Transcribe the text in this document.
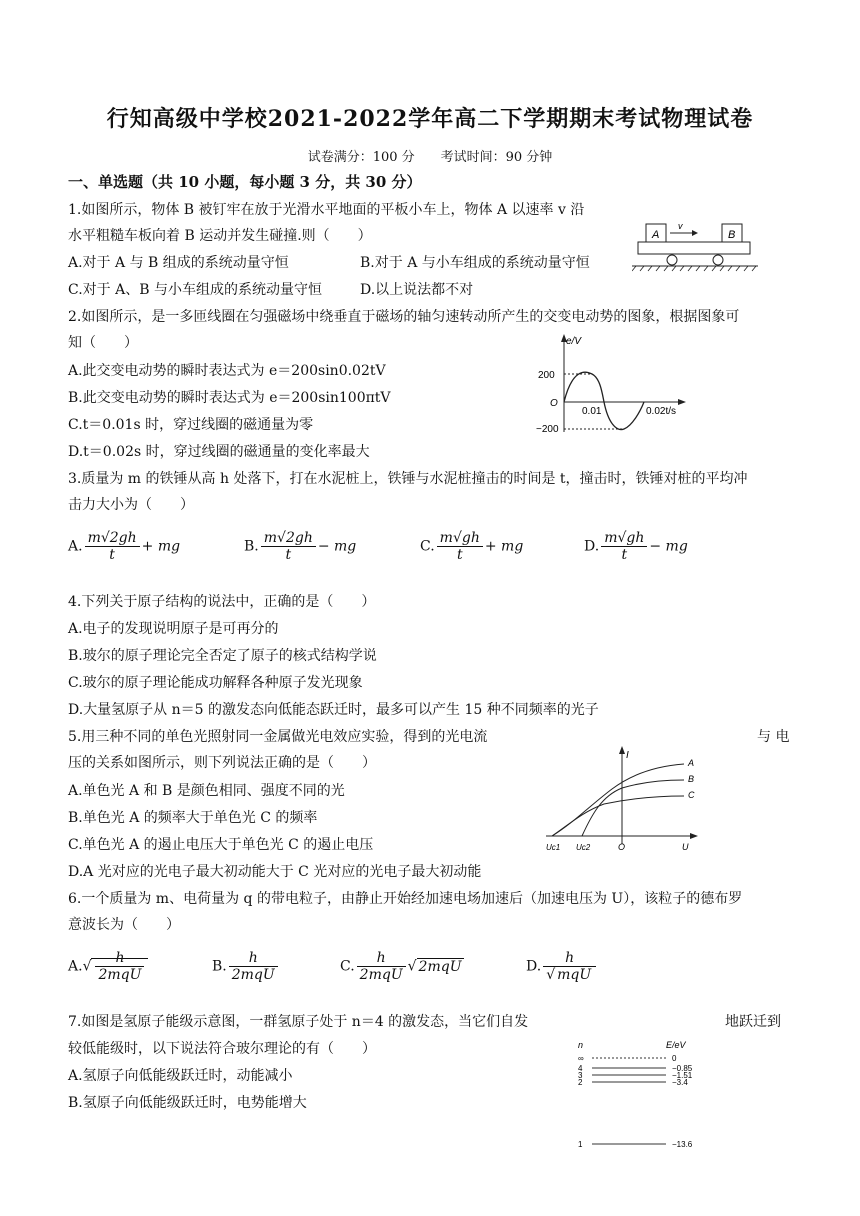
行知高级中学校2021-2022学年高二下学期期末考试物理试卷
试卷满分：100 分　　考试时间：90 分钟
一、单选题（共 10 小题，每小题 3 分，共 30 分）
1.如图所示，物体 B 被钉牢在放于光滑水平地面的平板小车上，物体 A 以速率 v 沿
水平粗糙车板向着 B 运动并发生碰撞.则（　　）
A.对于 A 与 B 组成的系统动量守恒	B.对于 A 与小车组成的系统动量守恒
C.对于 A、B 与小车组成的系统动量守恒	D.以上说法都不对
A
v
B
2.如图所示，是一多匝线圈在匀强磁场中绕垂直于磁场的轴匀速转动所产生的交变电动势的图象，根据图象可
知（　　）
A.此交变电动势的瞬时表达式为 e＝200sin0.02tV
B.此交变电动势的瞬时表达式为 e＝200sin100πtV
C.t＝0.01s 时，穿过线圈的磁通量为零
D.t＝0.02s 时，穿过线圈的磁通量的变化率最大
e/V
200
−200
O
0.01	0.02t/s
3.质量为 m 的铁锤从高 h 处落下，打在水泥桩上，铁锤与水泥桩撞击的时间是 t，撞击时，铁锤对桩的平均冲
击力大小为（　　）
A. $\frac{m√2gh}{t}$ + mg	B. $\frac{m√2gh}{t}$ − mg	C. $\frac{m√gh}{t}$ + mg	D. $\frac{m√gh}{t}$ − mg
4.下列关于原子结构的说法中，正确的是（　　）
A.电子的发现说明原子是可再分的
B.玻尔的原子理论完全否定了原子的核式结构学说
C.玻尔的原子理论能成功解释各种原子发光现象
D.大量氢原子从 n＝5 的激发态向低能态跃迁时，最多可以产生 15 种不同频率的光子
5.用三种不同的单色光照射同一金属做光电效应实验，得到的光电流	与 电
压的关系如图所示，则下列说法正确的是（　　）
A.单色光 A 和 B 是颜色相同、强度不同的光
B.单色光 A 的频率大于单色光 C 的频率
C.单色光 A 的遏止电压大于单色光 C 的遏止电压
D.A 光对应的光电子最大初动能大于 C 光对应的光电子最大初动能
I
A
B
C
Uc1 Uc2	O	U
6.一个质量为 m、电荷量为 q 的带电粒子，由静止开始经加速电场加速后（加速电压为 U），该粒子的德布罗
意波长为（　　）
$A.√ \frac{h}{\text{2mqU}}$	B. $\frac{h}{\text{2mqU}}$	C. $\frac{h}{\text{2mqU}}$ √ 2mqU	D. $\frac{h}{\text{√ mqU}}$
7.如图是氢原子能级示意图，一群氢原子处于 n＝4 的激发态，当它们自发	地跃迁到
较低能级时，以下说法符合玻尔理论的有（　　）
A.氢原子向低能级跃迁时，动能减小
B.氢原子向低能级跃迁时，电势能增大
n	E/eV
∞	0
4	−0.85
3	−1.51
2	−3.4
1	−13.6
